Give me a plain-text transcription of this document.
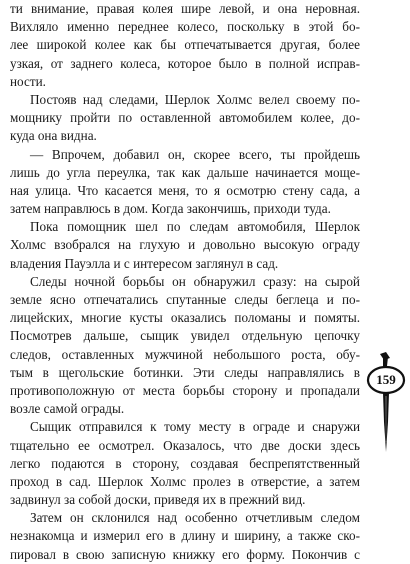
ти внимание, правая колея шире левой, и она неровная.
Вихляло именно переднее колесо, поскольку в этой бо-
лее широкой колее как бы отпечатывается другая, более
узкая, от заднего колеса, которое было в полной исправ-
ности.

Постояв над следами, Шерлок Холмс велел своему по-
мощнику пройти по оставленной автомобилем колее, до-
куда она видна.

— Впрочем, добавил он, скорее всего, ты пройдешь
лишь до угла переулка, так как дальше начинается моще-
ная улица. Что касается меня, то я осмотрю стену сада, а
затем направлюсь в дом. Когда закончишь, приходи туда.

Пока помощник шел по следам автомобиля, Шерлок
Холмс взобрался на глухую и довольно высокую ограду
владения Пауэлла и с интересом заглянул в сад.

Следы ночной борьбы он обнаружил сразу: на сырой
земле ясно отпечатались спутанные следы беглеца и по-
лицейских, многие кусты оказались поломаны и помяты.
Посмотрев дальше, сыщик увидел отдельную цепочку
следов, оставленных мужчиной небольшого роста, обу-
тым в щегольские ботинки. Эти следы направлялись в
противоположную от места борьбы сторону и пропадали
возле самой ограды.

Сыщик отправился к тому месту в ограде и снаружи
тщательно ее осмотрел. Оказалось, что две доски здесь
легко подаются в сторону, создавая беспрепятственный
проход в сад. Шерлок Холмс пролез в отверстие, а затем
задвинул за собой доски, приведя их в прежний вид.

Затем он склонился над особенно отчетливым следом
незнакомца и измерил его в длину и ширину, а также ско-
пировал в свою записную книжку его форму. Покончив с

159
